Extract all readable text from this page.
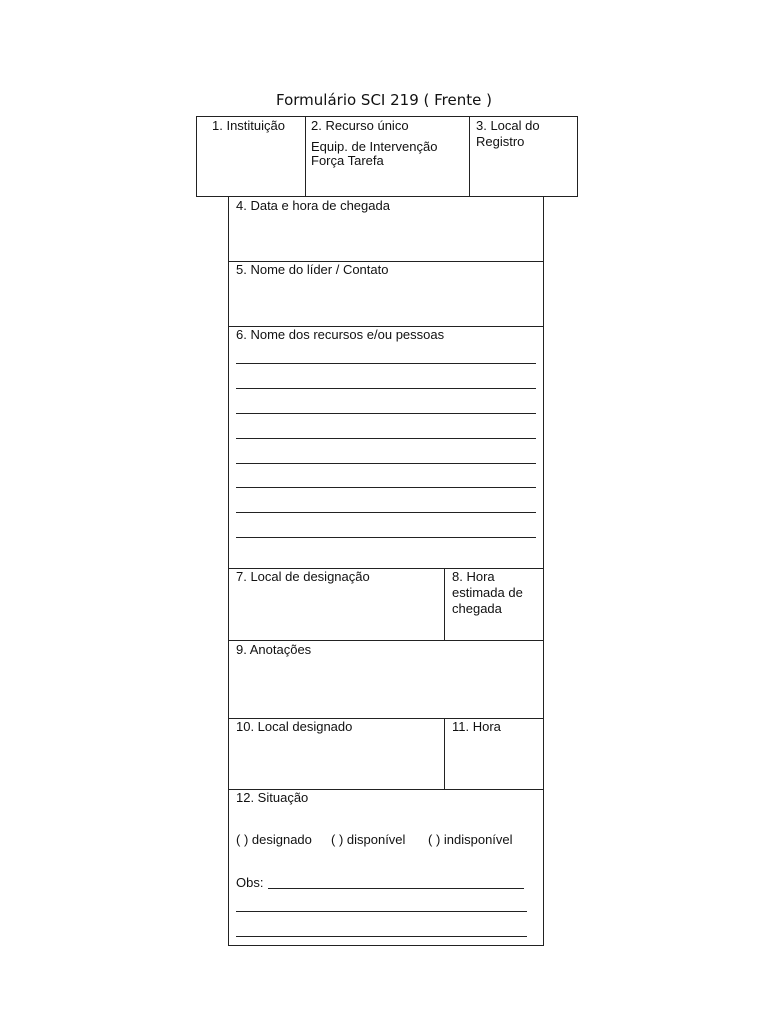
Formulário SCI 219 ( Frente )
1. Instituição 2. Recurso único
Equip. de Intervenção
Força Tarefa
3. Local do
Registro
4. Data e hora de chegada
5. Nome do líder / Contato
6. Nome dos recursos e/ou pessoas
7. Local de designação	8. Hora
estimada de
chegada
9. Anotações
10. Local designado	11. Hora
12. Situação
( ) designado ( ) disponível ( ) indisponível
Obs:
